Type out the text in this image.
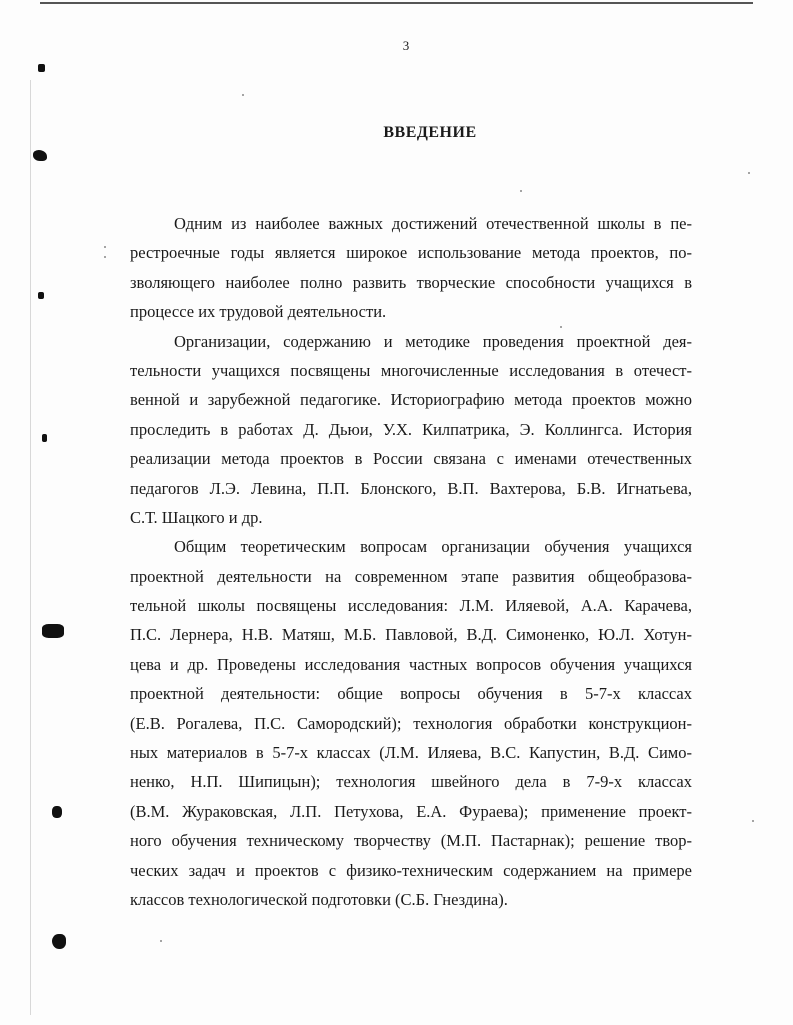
3
ВВЕДЕНИЕ
Одним из наиболее важных достижений отечественной школы в пе-
рестроечные годы является широкое использование метода проектов, по-
зволяющего наиболее полно развить творческие способности учащихся в
процессе их трудовой деятельности.
Организации, содержанию и методике проведения проектной дея-
тельности учащихся посвящены многочисленные исследования в отечест-
венной и зарубежной педагогике. Историографию метода проектов можно
проследить в работах Д. Дьюи, У.Х. Килпатрика, Э. Коллингса. История
реализации метода проектов в России связана с именами отечественных
педагогов Л.Э. Левина, П.П. Блонского, В.П. Вахтерова, Б.В. Игнатьева,
С.Т. Шацкого и др.
Общим теоретическим вопросам организации обучения учащихся
проектной деятельности на современном этапе развития общеобразова-
тельной школы посвящены исследования: Л.М. Иляевой, А.А. Карачева,
П.С. Лернера, Н.В. Матяш, М.Б. Павловой, В.Д. Симоненко, Ю.Л. Хотун-
цева и др. Проведены исследования частных вопросов обучения учащихся
проектной деятельности: общие вопросы обучения в 5-7-х классах
(Е.В. Рогалева, П.С. Самородский); технология обработки конструкцион-
ных материалов в 5-7-х классах (Л.М. Иляева, В.С. Капустин, В.Д. Симо-
ненко, Н.П. Шипицын); технология швейного дела в 7-9-х классах
(В.М. Жураковская, Л.П. Петухова, Е.А. Фураева); применение проект-
ного обучения техническому творчеству (М.П. Пастарнак); решение твор-
ческих задач и проектов с физико-техническим содержанием на примере
классов технологической подготовки (С.Б. Гнездина).
